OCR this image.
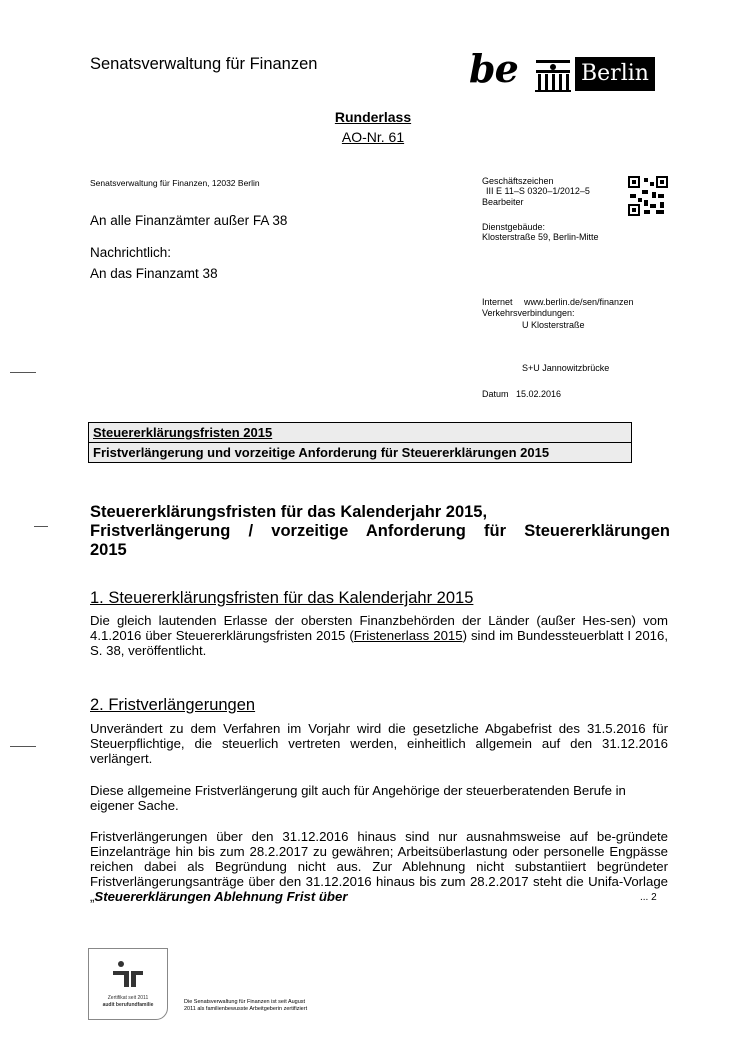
Senatsverwaltung für Finanzen	be	Berlin
Runderlass
AO-Nr. 61
Senatsverwaltung für Finanzen, 12032 Berlin
An alle Finanzämter außer FA 38
Nachrichtlich:
An das Finanzamt 38
Geschäftszeichen
III E 11–S 0320–1/2012–5
Bearbeiter
Dienstgebäude:
Klosterstraße 59, Berlin-Mitte
Internet www.berlin.de/sen/finanzen
Verkehrsverbindungen:
U Klosterstraße
S+U Jannowitzbrücke
Datum 15.02.2016
Steuererklärungsfristen 2015
Fristverlängerung und vorzeitige Anforderung für Steuererklärungen 2015
Steuererklärungsfristen für das Kalenderjahr 2015,
Fristverlängerung / vorzeitige Anforderung für Steuererklärungen
2015
1. Steuererklärungsfristen für das Kalenderjahr 2015
Die gleich lautenden Erlasse der obersten Finanzbehörden der Länder (außer Hes-sen) vom 4.1.2016 über Steuererklärungsfristen 2015 (Fristenerlass 2015) sind im Bundessteuerblatt I 2016, S. 38, veröffentlicht.
2. Fristverlängerungen
Unverändert zu dem Verfahren im Vorjahr wird die gesetzliche Abgabefrist des 31.5.2016 für Steuerpflichtige, die steuerlich vertreten werden, einheitlich allgemein auf den 31.12.2016 verlängert.
Diese allgemeine Fristverlängerung gilt auch für Angehörige der steuerberatenden Berufe in eigener Sache.
Fristverlängerungen über den 31.12.2016 hinaus sind nur ausnahmsweise auf be-gründete Einzelanträge hin bis zum 28.2.2017 zu gewähren; Arbeitsüberlastung oder personelle Engpässe reichen dabei als Begründung nicht aus. Zur Ablehnung nicht substantiiert begründeter Fristverlängerungsanträge über den 31.12.2016 hinaus bis zum 28.2.2017 steht die Unifa-Vorlage „Steuererklärungen Ablehnung Frist über	... 2
Zertifikat seit 2011
audit berufundfamilie	Die Senatsverwaltung für Finanzen ist seit August
2011 als familienbewusste Arbeitgeberin zertifiziert
